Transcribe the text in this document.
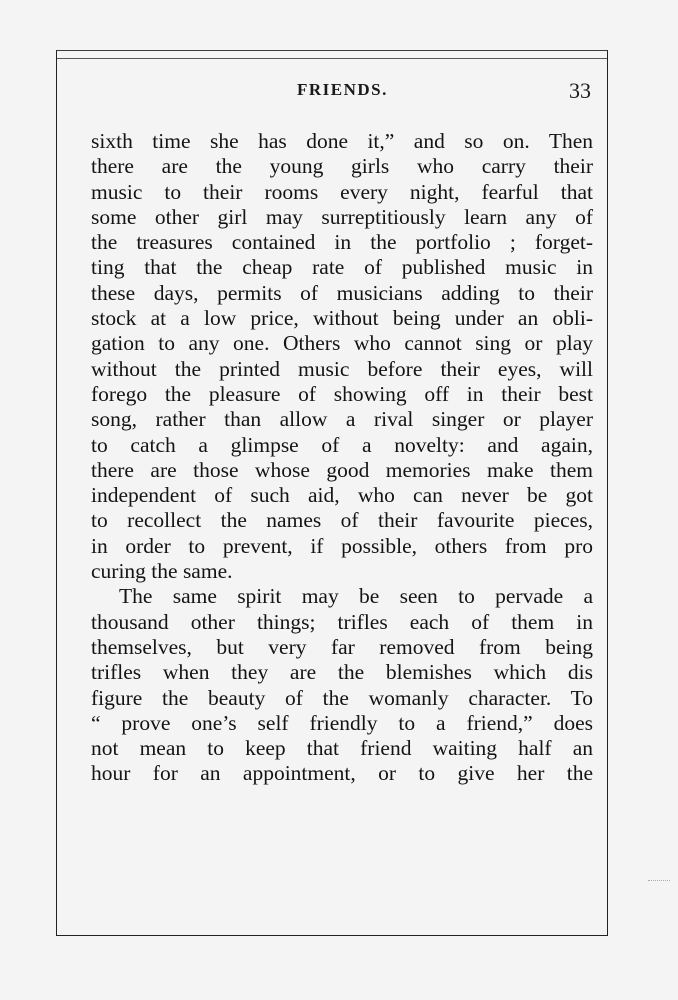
FRIENDS.	33
sixth time she has done it,” and so on. Then
there are the young girls who carry their
music to their rooms every night, fearful that
some other girl may surreptitiously learn any of
the treasures contained in the portfolio ; forget-
ting that the cheap rate of published music in
these days, permits of musicians adding to their
stock at a low price, without being under an obli-
gation to any one. Others who cannot sing or play
without the printed music before their eyes, will
forego the pleasure of showing off in their best
song, rather than allow a rival singer or player
to catch a glimpse of a novelty: and again,
there are those whose good memories make them
independent of such aid, who can never be got
to recollect the names of their favourite pieces,
in order to prevent, if possible, others from pro
curing the same.
The same spirit may be seen to pervade a
thousand other things; trifles each of them in
themselves, but very far removed from being
trifles when they are the blemishes which dis
figure the beauty of the womanly character. To
“ prove one’s self friendly to a friend,” does
not mean to keep that friend waiting half an
hour for an appointment, or to give her the
